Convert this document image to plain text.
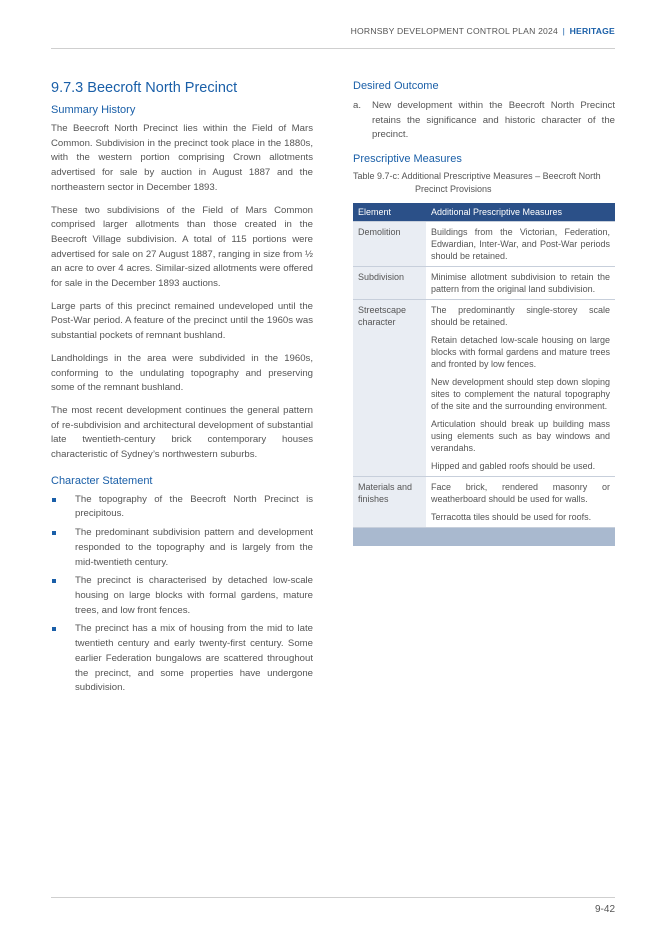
HORNSBY DEVELOPMENT CONTROL PLAN 2024 | HERITAGE
9.7.3 Beecroft North Precinct
Summary History

The Beecroft North Precinct lies within the Field of Mars Common. Subdivision in the precinct took place in the 1880s, with the western portion comprising Crown allotments advertised for sale by auction in August 1887 and the northeastern sector in December 1893.

These two subdivisions of the Field of Mars Common comprised larger allotments than those created in the Beecroft Village subdivision. A total of 115 portions were advertised for sale on 27 August 1887, ranging in size from ½ an acre to over 4 acres. Similar-sized allotments were offered for sale in the December 1893 auctions.

Large parts of this precinct remained undeveloped until the Post-War period. A feature of the precinct until the 1960s was substantial pockets of remnant bushland.

Landholdings in the area were subdivided in the 1960s, conforming to the undulating topography and preserving some of the remnant bushland.

The most recent development continues the general pattern of re-subdivision and architectural development of substantial late twentieth-century brick contemporary houses characteristic of Sydney’s northwestern suburbs.

Character Statement
The topography of the Beecroft North Precinct is precipitous.
The predominant subdivision pattern and development responded to the topography and is largely from the mid-twentieth century.
The precinct is characterised by detached low-scale housing on large blocks with formal gardens, mature trees, and low front fences.
The precinct has a mix of housing from the mid to late twentieth century and early twenty-first century. Some earlier Federation bungalows are scattered throughout the precinct, and some properties have undergone subdivision.
Desired Outcome
a. New development within the Beecroft North Precinct retains the significance and historic character of the precinct.
Prescriptive Measures
Table 9.7-c: Additional Prescriptive Measures – Beecroft North
Precinct Provisions
Element	Additional Prescriptive Measures
Demolition	Buildings from the Victorian, Federation, Edwardian, Inter-War, and Post-War periods should be retained.

Subdivision	Minimise allotment subdivision to retain the pattern from the original land subdivision.

Streetscape character	The predominantly single-storey scale should be retained.
Retain detached low-scale housing on large blocks with formal gardens and mature trees and fronted by low fences.
New development should step down sloping sites to complement the natural topography of the site and the surrounding environment.
Articulation should break up building mass using elements such as bay windows and verandahs.
Hipped and gabled roofs should be used.

Materials and finishes	Face brick, rendered masonry or weatherboard should be used for walls.
Terracotta tiles should be used for roofs.

9-42
